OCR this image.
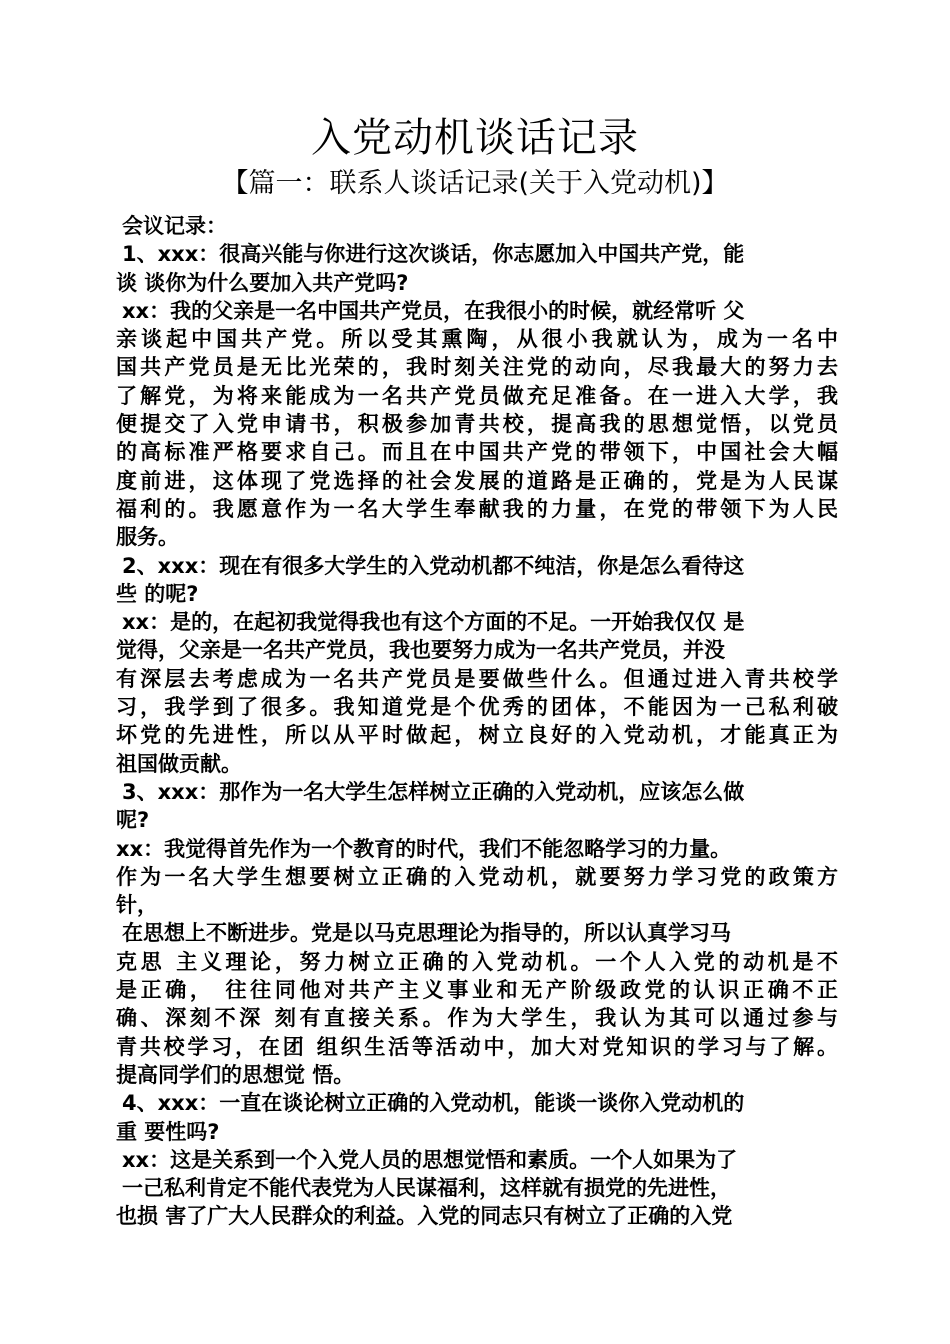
入党动机谈话记录
【篇一：联系人谈话记录(关于入党动机)】
会议记录：
1、xxx：很高兴能与你进行这次谈话，你志愿加入中国共产党，能
谈 谈你为什么要加入共产党吗?
xx：我的父亲是一名中国共产党员，在我很小的时候，就经常听 父
亲谈起中国共产党。所以受其熏陶，从很小我就认为，成为一名中
国共产党员是无比光荣的，我时刻关注党的动向，尽我最大的努力去
了解党，为将来能成为一名共产党员做充足准备。在一进入大学，我
便提交了入党申请书，积极参加青共校，提高我的思想觉悟，以党员
的高标准严格要求自己。而且在中国共产党的带领下，中国社会大幅
度前进，这体现了党选择的社会发展的道路是正确的，党是为人民谋
福利的。我愿意作为一名大学生奉献我的力量，在党的带领下为人民
服务。
2、xxx：现在有很多大学生的入党动机都不纯洁，你是怎么看待这
些 的呢?
xx：是的，在起初我觉得我也有这个方面的不足。一开始我仅仅 是
觉得，父亲是一名共产党员，我也要努力成为一名共产党员，并没
有深层去考虑成为一名共产党员是要做些什么。但通过进入青共校学
习，我学到了很多。我知道党是个优秀的团体，不能因为一己私利破
坏党的先进性，所以从平时做起，树立良好的入党动机，才能真正为
祖国做贡献。
3、xxx：那作为一名大学生怎样树立正确的入党动机，应该怎么做
呢?
xx：我觉得首先作为一个教育的时代，我们不能忽略学习的力量。
作为一名大学生想要树立正确的入党动机，就要努力学习党的政策方
针，
在思想上不断进步。党是以马克思理论为指导的，所以认真学习马
克思 主义理论，努力树立正确的入党动机。一个人入党的动机是不
是正确， 往往同他对共产主义事业和无产阶级政党的认识正确不正
确、深刻不深 刻有直接关系。作为大学生，我认为其可以通过参与
青共校学习，在团 组织生活等活动中，加大对党知识的学习与了解。
提高同学们的思想觉 悟。
4、xxx：一直在谈论树立正确的入党动机，能谈一谈你入党动机的
重 要性吗?
xx：这是关系到一个入党人员的思想觉悟和素质。一个人如果为了
一己私利肯定不能代表党为人民谋福利，这样就有损党的先进性，
也损 害了广大人民群众的利益。入党的同志只有树立了正确的入党
